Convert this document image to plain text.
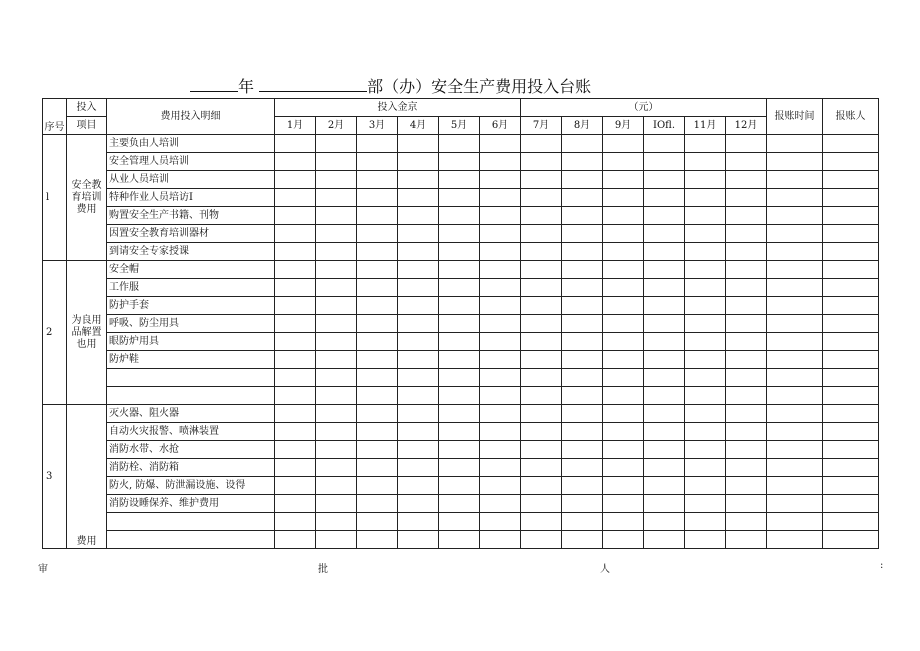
年	部（办）安全生产费用投入台账
序号	投入	费用投入明细	投入金京						（元）						报账时间	报账人
	项目		1月	2月	3月	4月	5月	6月	7月	8月	9月	IOfl.	11月	12月		
l	安全教育培训费用	主要负由人培训														
		安全管理人员培训														
		从业人员培训														
		特种作业人员培访I														
		购置安全生产书籍、刊物														
		因置安全教育培训器材														
		到请安全专家授课														
2	为良用品解置也用	安全帽														
		工作服														
		防护手套														
		呼吸、防尘用具														
		眼防炉用具														
		防炉鞋														

3	费用	灭火器、阻火器														
		自动火灾报警、喷淋装置														
		消防水带、水抢														
		消防栓、消防箱														
		防火, 防爆、防泄漏设施、设得														
		消防设睡保养、维护费用														

审	批	人	:
